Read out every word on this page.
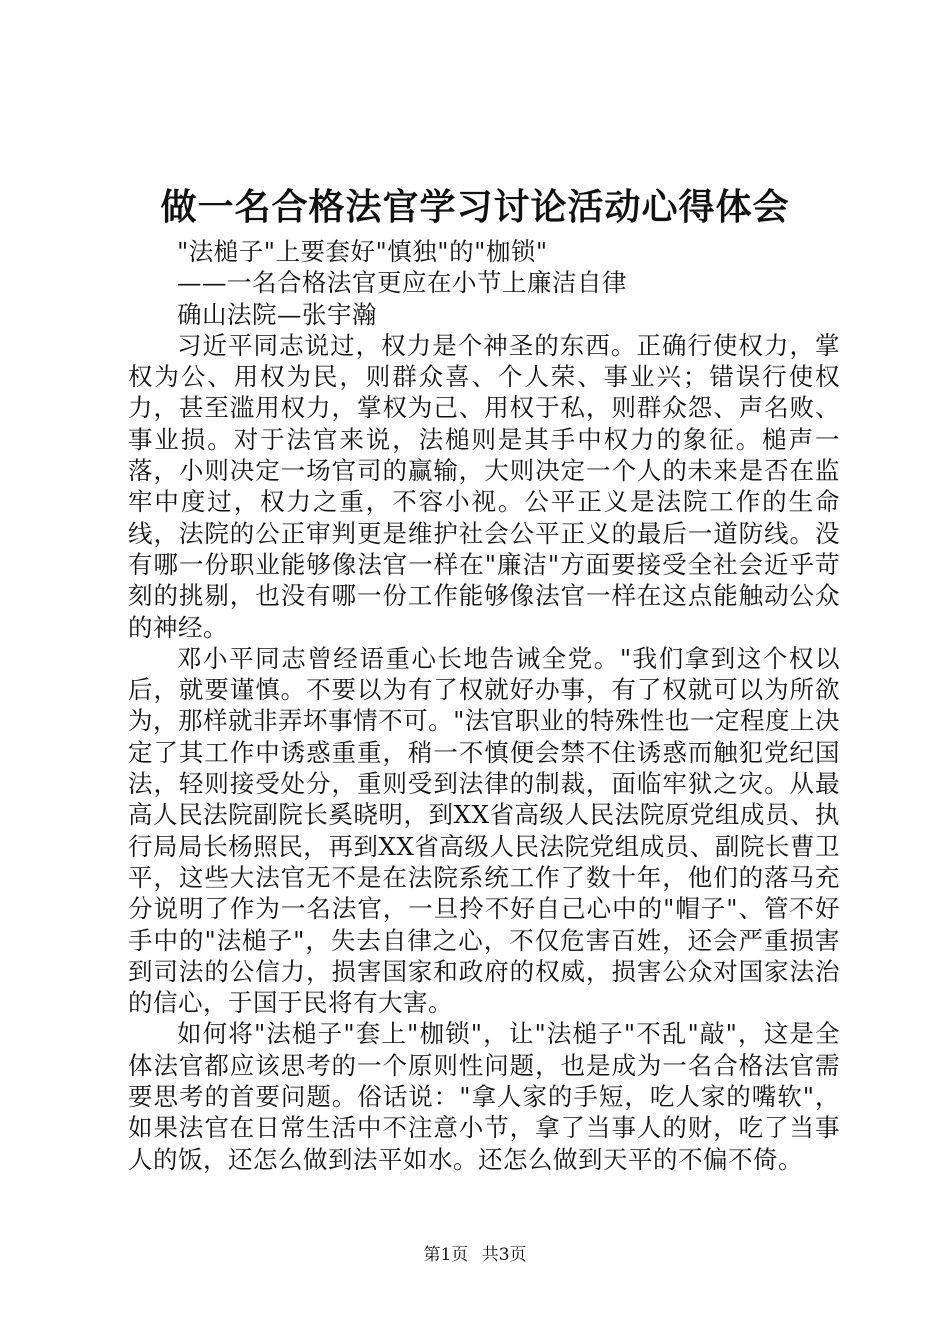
做一名合格法官学习讨论活动心得体会

"法槌子"上要套好"慎独"的"枷锁"

——一名合格法官更应在小节上廉洁自律

确山法院—张宇瀚

习近平同志说过，权力是个神圣的东西。正确行使权力，掌权为公、用权为民，则群众喜、个人荣、事业兴；错误行使权力，甚至滥用权力，掌权为己、用权于私，则群众怨、声名败、事业损。对于法官来说，法槌则是其手中权力的象征。槌声一落，小则决定一场官司的赢输，大则决定一个人的未来是否在监牢中度过，权力之重，不容小视。公平正义是法院工作的生命线，法院的公正审判更是维护社会公平正义的最后一道防线。没有哪一份职业能够像法官一样在"廉洁"方面要接受全社会近乎苛刻的挑剔，也没有哪一份工作能够像法官一样在这点能触动公众的神经。

邓小平同志曾经语重心长地告诫全党。"我们拿到这个权以后，就要谨慎。不要以为有了权就好办事，有了权就可以为所欲为，那样就非弄坏事情不可。"法官职业的特殊性也一定程度上决定了其工作中诱惑重重，稍一不慎便会禁不住诱惑而触犯党纪国法，轻则接受处分，重则受到法律的制裁，面临牢狱之灾。从最高人民法院副院长奚晓明，到XX省高级人民法院原党组成员、执行局局长杨照民，再到XX省高级人民法院党组成员、副院长曹卫平，这些大法官无不是在法院系统工作了数十年，他们的落马充分说明了作为一名法官，一旦拎不好自己心中的"帽子"、管不好手中的"法槌子"，失去自律之心，不仅危害百姓，还会严重损害到司法的公信力，损害国家和政府的权威，损害公众对国家法治的信心，于国于民将有大害。

如何将"法槌子"套上"枷锁"，让"法槌子"不乱"敲"，这是全体法官都应该思考的一个原则性问题，也是成为一名合格法官需要思考的首要问题。俗话说："拿人家的手短，吃人家的嘴软"，如果法官在日常生活中不注意小节，拿了当事人的财，吃了当事人的饭，还怎么做到法平如水。还怎么做到天平的不偏不倚。

第1页 共3页
